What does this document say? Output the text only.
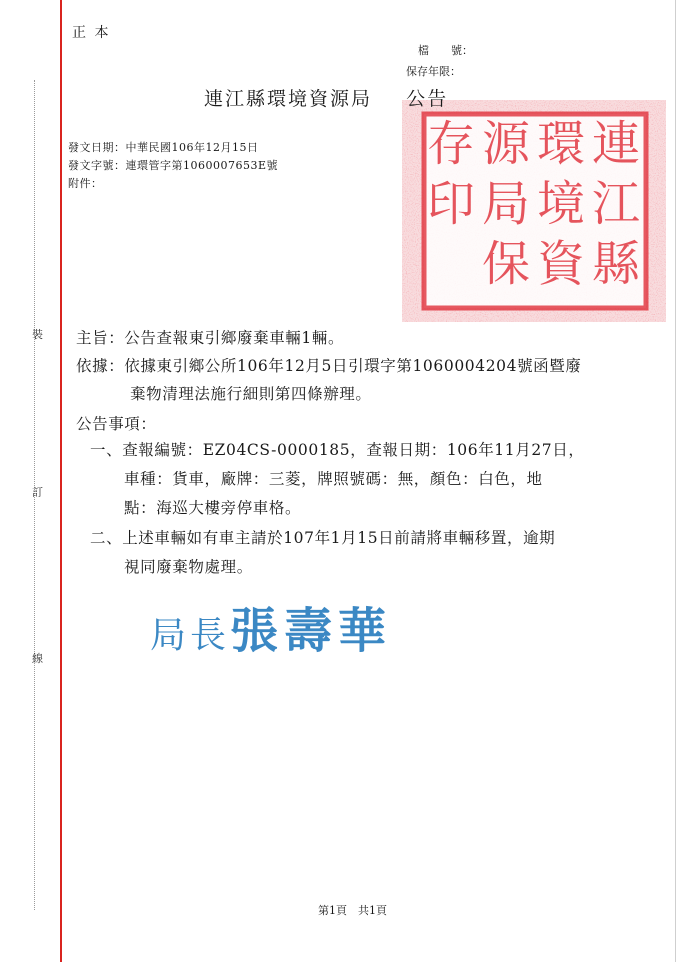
裝
訂
線
正 本
檔　　號：
保存年限：
連
江
縣
環
境
資
源
局
保
存
印
連江縣環境資源局 公告
發文日期：中華民國106年12月15日
發文字號：連環管字第1060007653E號
附件：
主旨：公告查報東引鄉廢棄車輛1輛。
依據：依據東引鄉公所106年12月5日引環字第1060004204號函暨廢
棄物清理法施行細則第四條辦理。
公告事項：
一、查報編號：EZ04CS-0000185，查報日期：106年11月27日，
車種：貨車，廠牌：三菱，牌照號碼：無，顏色：白色，地
點：海巡大樓旁停車格。
二、上述車輛如有車主請於107年1月15日前請將車輛移置，逾期
視同廢棄物處理。
局長張壽華
第1頁　共1頁
